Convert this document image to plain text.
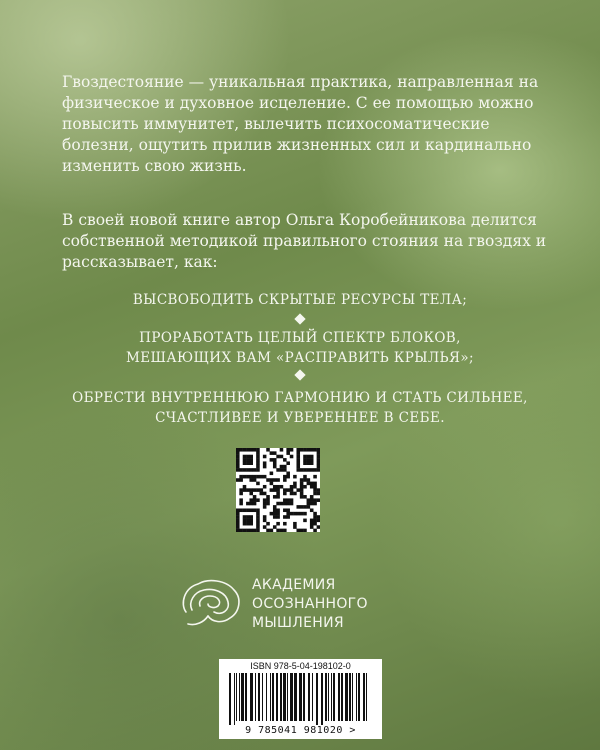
Гвоздестояние — уникальная практика, направленная на физическое и духовное исцеление. С ее помощью можно повысить иммунитет, вылечить психосоматические болезни, ощутить прилив жизненных сил и кардинально изменить свою жизнь.
В своей новой книге автор Ольга Коробейникова делится собственной методикой правильного стояния на гвоздях и рассказывает, как:
ВЫСВОБОДИТЬ СКРЫТЫЕ РЕСУРСЫ ТЕЛА;
ПРОРАБОТАТЬ ЦЕЛЫЙ СПЕКТР БЛОКОВ,
МЕШАЮЩИХ ВАМ «РАСПРАВИТЬ КРЫЛЬЯ»;
ОБРЕСТИ ВНУТРЕННЮЮ ГАРМОНИЮ И СТАТЬ СИЛЬНЕЕ,
СЧАСТЛИВЕЕ И УВЕРЕННЕЕ В СЕБЕ.
АКАДЕМИЯ
ОСОЗНАННОГО
МЫШЛЕНИЯ
ISBN 978-5-04-198102-0
9 785041 981020 >
